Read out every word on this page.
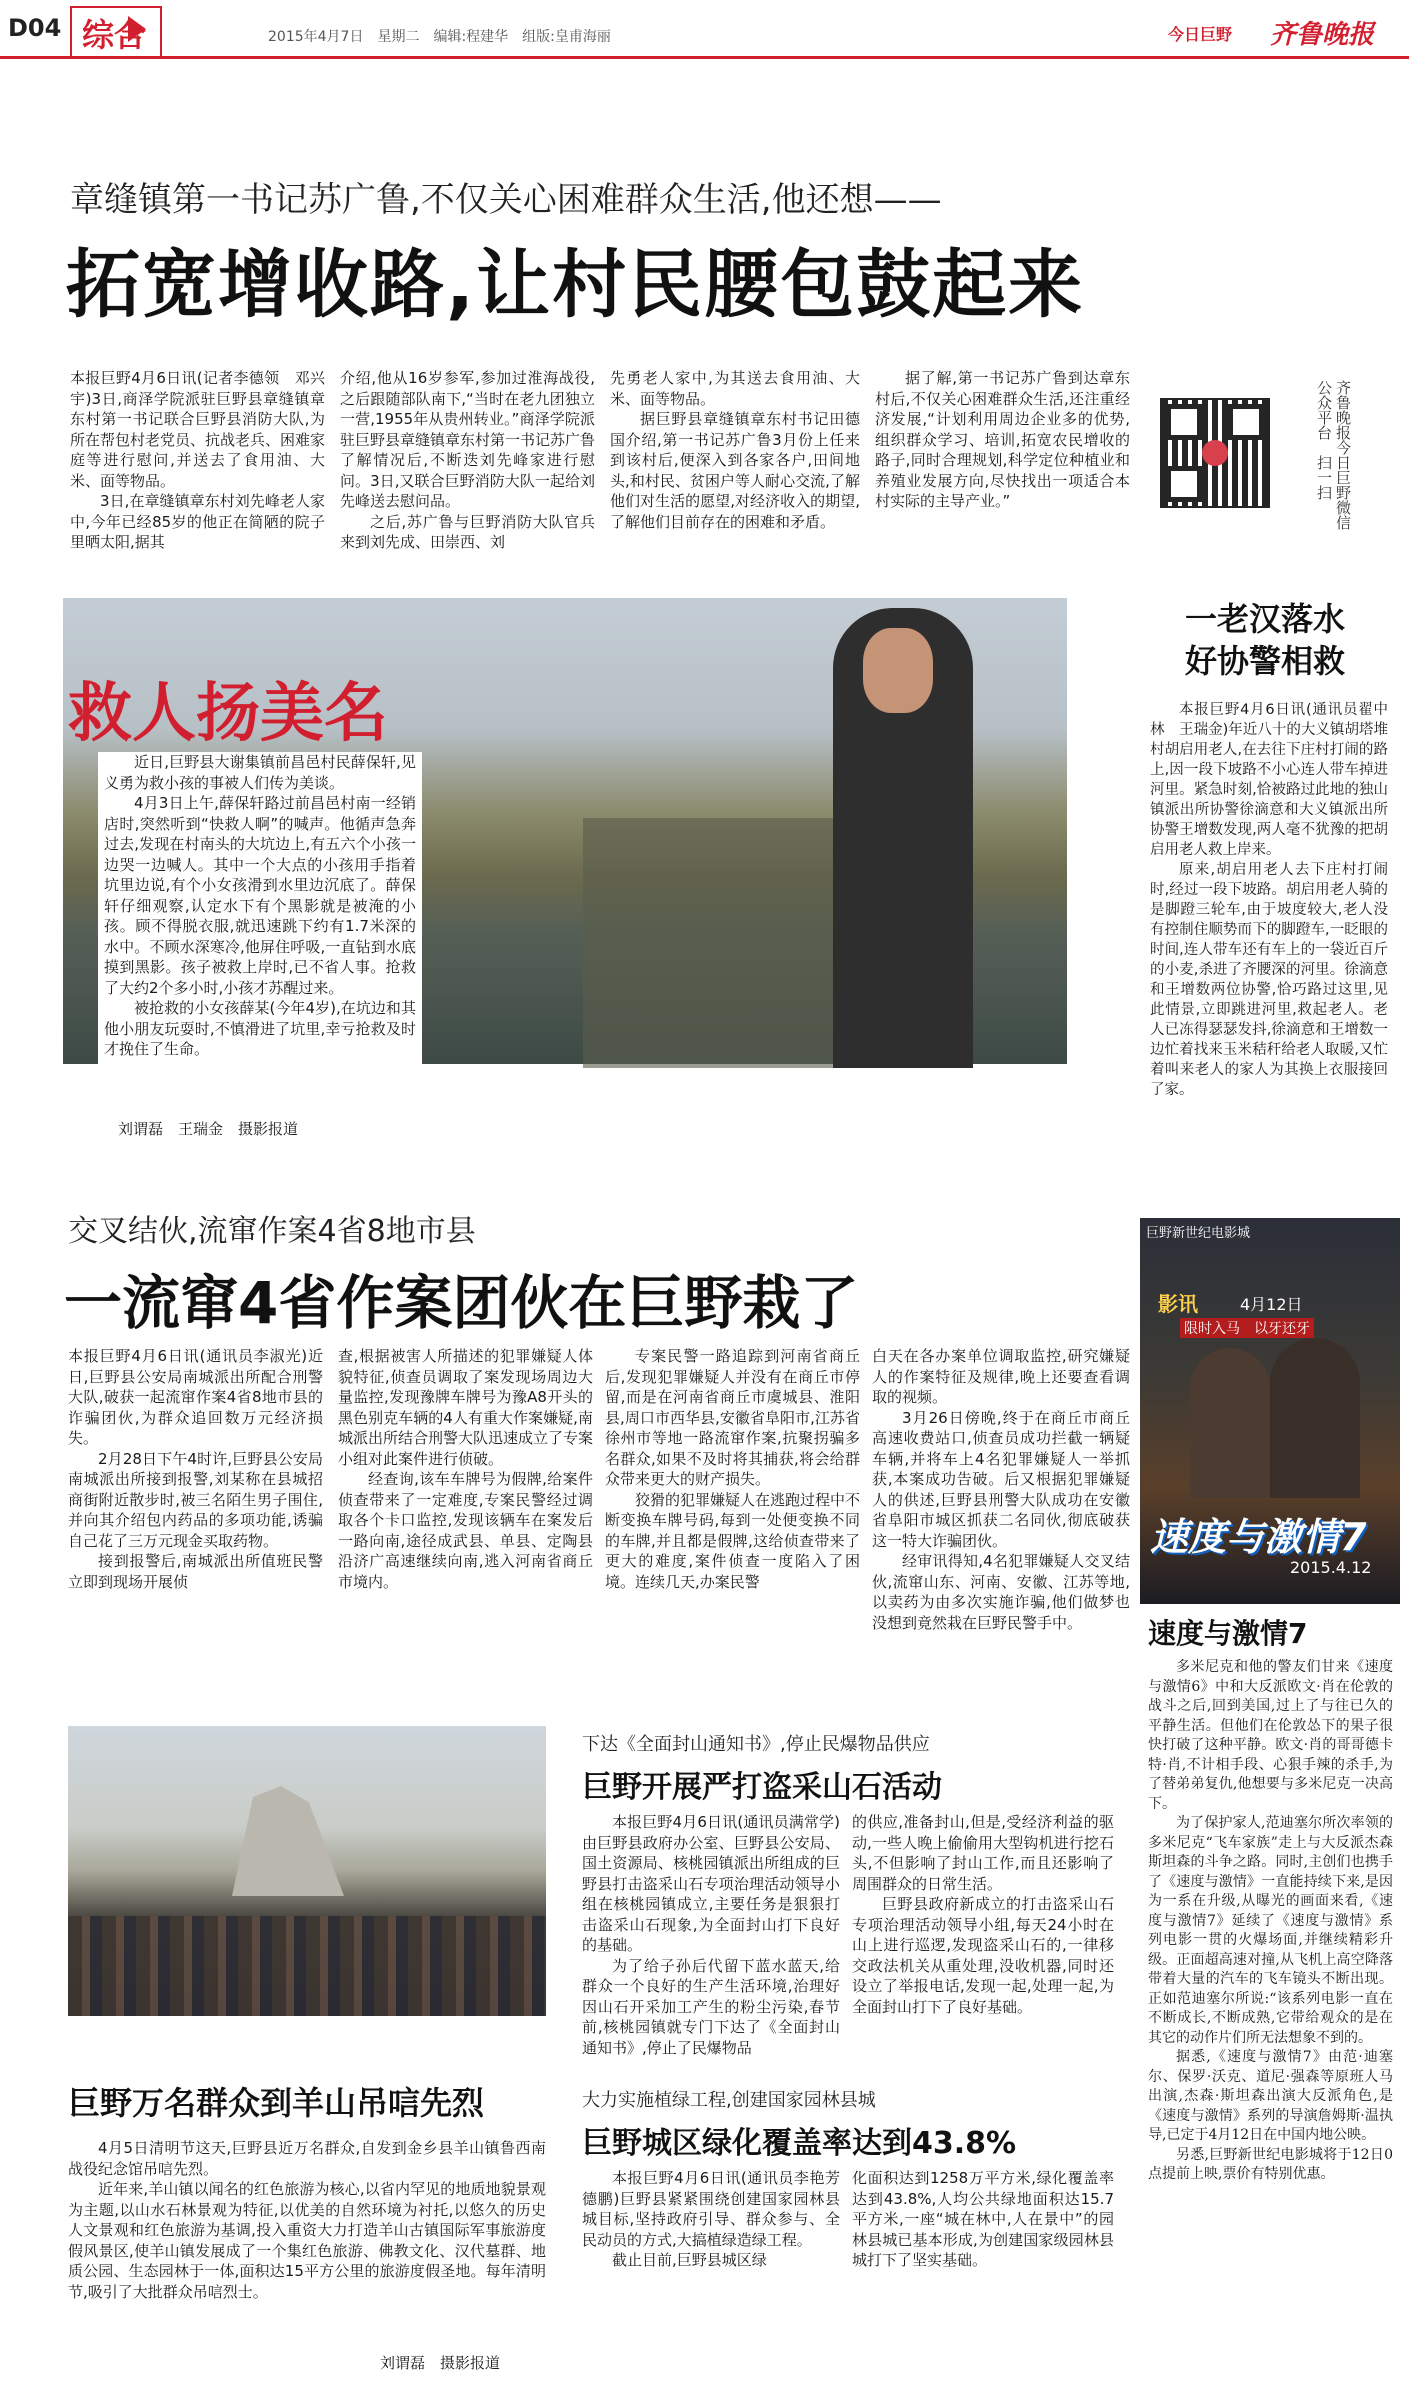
D04 综合	2015年4月7日　星期二　编辑:程建华　组版:皇甫海丽	今日巨野 齐鲁晚报
章缝镇第一书记苏广鲁,不仅关心困难群众生活,他还想——
拓宽增收路,让村民腰包鼓起来

本报巨野4月6日讯(记者李德领　邓兴宇)3日,商泽学院派驻巨野县章缝镇章东村第一书记联合巨野县消防大队,为所在帮包村老党员、抗战老兵、困难家庭等进行慰问,并送去了食用油、大米、面等物品。

3日,在章缝镇章东村刘先峰老人家中,今年已经85岁的他正在简陋的院子里晒太阳,据其

介绍,他从16岁参军,参加过淮海战役,之后跟随部队南下,“当时在老九团独立一营,1955年从贵州转业。”商泽学院派驻巨野县章缝镇章东村第一书记苏广鲁了解情况后,不断迭刘先峰家进行慰问。3日,又联合巨野消防大队一起给刘先峰送去慰问品。

之后,苏广鲁与巨野消防大队官兵来到刘先成、田崇西、刘

先勇老人家中,为其送去食用油、大米、面等物品。

据巨野县章缝镇章东村书记田德国介绍,第一书记苏广鲁3月份上任来到该村后,便深入到各家各户,田间地头,和村民、贫困户等人耐心交流,了解他们对生活的愿望,对经济收入的期望,了解他们目前存在的困难和矛盾。

据了解,第一书记苏广鲁到达章东村后,不仅关心困难群众生活,还注重经济发展,“计划利用周边企业多的优势,组织群众学习、培训,拓宽农民增收的路子,同时合理规划,科学定位种植业和养殖业发展方向,尽快找出一项适合本村实际的主导产业。”	齐鲁晚报今日巨野微信公众平台　扫一扫
救人扬美名

近日,巨野县大谢集镇前昌邑村民薛保轩,见义勇为救小孩的事被人们传为美谈。

4月3日上午,薛保轩路过前昌邑村南一经销店时,突然听到“快救人啊”的喊声。他循声急奔过去,发现在村南头的大坑边上,有五六个小孩一边哭一边喊人。其中一个大点的小孩用手指着坑里边说,有个小女孩滑到水里边沉底了。薛保轩仔细观察,认定水下有个黑影就是被淹的小孩。顾不得脱衣服,就迅速跳下约有1.7米深的水中。不顾水深寒冷,他屏住呼吸,一直钻到水底摸到黑影。孩子被救上岸时,已不省人事。抢救了大约2个多小时,小孩才苏醒过来。

被抢救的小女孩薛某(今年4岁),在坑边和其他小朋友玩耍时,不慎滑进了坑里,幸亏抢救及时才挽住了生命。

刘谓磊　王瑞金　摄影报道
一老汉落水
好协警相救

本报巨野4月6日讯(通讯员翟中林　王瑞金)年近八十的大义镇胡塔堆村胡启用老人,在去往下庄村打闹的路上,因一段下坡路不小心连人带车掉进河里。紧急时刻,恰被路过此地的独山镇派出所协警徐滴意和大义镇派出所协警王增数发现,两人毫不犹豫的把胡启用老人救上岸来。

原来,胡启用老人去下庄村打闹时,经过一段下坡路。胡启用老人骑的是脚蹬三轮车,由于坡度较大,老人没有控制住顺势而下的脚蹬车,一眨眼的时间,连人带车还有车上的一袋近百斤的小麦,杀进了齐腰深的河里。徐滴意和王增数两位协警,恰巧路过这里,见此情景,立即跳进河里,救起老人。老人已冻得瑟瑟发抖,徐滴意和王增数一边忙着找来玉米秸秆给老人取暖,又忙着叫来老人的家人为其换上衣服接回了家。

巨野新世纪电影城
影讯	4月12日
限时入马　以牙还牙
速度与激情7
2015.4.12
速度与激情7

多米尼克和他的警友们甘来《速度与激情6》中和大反派欧文·肖在伦敦的战斗之后,回到美国,过上了与往已久的平静生活。但他们在伦敦怂下的果子很快打破了这种平静。欧文·肖的哥哥德卡特·肖,不计相手段、心狠手辣的杀手,为了替弟弟复仇,他想要与多米尼克一决高下。

为了保护家人,范迪塞尔所次率领的多米尼克“飞车家族”走上与大反派杰森斯坦森的斗争之路。同时,主创们也携手了《速度与激情》一直能持续下来,是因为一系在升级,从曝光的画面来看,《速度与激情7》延续了《速度与激情》系列电影一贯的火爆场面,并继续精彩升级。正面超高速对撞,从飞机上高空降落带着大量的汽车的飞车镜头不断出现。正如范迪塞尔所说:“该系列电影一直在不断成长,不断成熟,它带给观众的是在其它的动作片们所无法想象不到的。

据悉,《速度与激情7》由范·迪塞尔、保罗·沃克、道尼·强森等原班人马出演,杰森·斯坦森出演大反派角色,是《速度与激情》系列的导演詹姆斯·温执导,已定于4月12日在中国内地公映。

另悉,巨野新世纪电影城将于12日0点提前上映,票价有特别优惠。

交叉结伙,流窜作案4省8地市县
一流窜4省作案团伙在巨野栽了

本报巨野4月6日讯(通讯员李淑光)近日,巨野县公安局南城派出所配合刑警大队,破获一起流窜作案4省8地市县的诈骗团伙,为群众追回数万元经济损失。

2月28日下午4时许,巨野县公安局南城派出所接到报警,刘某称在县城招商街附近散步时,被三名陌生男子围住,并向其介绍包内药品的多项功能,诱骗自己花了三万元现金买取药物。

接到报警后,南城派出所值班民警立即到现场开展侦

查,根据被害人所描述的犯罪嫌疑人体貌特征,侦查员调取了案发现场周边大量监控,发现豫牌车牌号为豫A8开头的黑色别克车辆的4人有重大作案嫌疑,南城派出所结合刑警大队迅速成立了专案小组对此案件进行侦破。

经查询,该车车牌号为假牌,给案件侦查带来了一定难度,专案民警经过调取各个卡口监控,发现该辆车在案发后一路向南,途径成武县、单县、定陶县沿济广高速继续向南,逃入河南省商丘市境内。

专案民警一路追踪到河南省商丘后,发现犯罪嫌疑人并没有在商丘市停留,而是在河南省商丘市虞城县、淮阳县,周口市西华县,安徽省阜阳市,江苏省徐州市等地一路流窜作案,抗聚拐骗多名群众,如果不及时将其捕获,将会给群众带来更大的财产损失。

狡猾的犯罪嫌疑人在逃跑过程中不断变换车牌号码,每到一处便变换不同的车牌,并且都是假牌,这给侦查带来了更大的难度,案件侦查一度陷入了困境。连续几天,办案民警

白天在各办案单位调取监控,研究嫌疑人的作案特征及规律,晚上还要查看调取的视频。

3月26日傍晚,终于在商丘市商丘高速收费站口,侦查员成功拦截一辆疑车辆,并将车上4名犯罪嫌疑人一举抓获,本案成功告破。后又根据犯罪嫌疑人的供述,巨野县刑警大队成功在安徽省阜阳市城区抓获二名同伙,彻底破获这一特大诈骗团伙。

经审讯得知,4名犯罪嫌疑人交叉结伙,流窜山东、河南、安徽、江苏等地,以卖药为由多次实施诈骗,他们做梦也没想到竟然栽在巨野民警手中。

巨野万名群众到羊山吊唁先烈

4月5日清明节这天,巨野县近万名群众,自发到金乡县羊山镇鲁西南战役纪念馆吊唁先烈。

近年来,羊山镇以闻名的红色旅游为核心,以省内罕见的地质地貌景观为主题,以山水石林景观为特征,以优美的自然环境为衬托,以悠久的历史人文景观和红色旅游为基调,投入重资大力打造羊山古镇国际军事旅游度假风景区,使羊山镇发展成了一个集红色旅游、佛教文化、汉代墓群、地质公园、生态园林于一体,面积达15平方公里的旅游度假圣地。每年清明节,吸引了大批群众吊唁烈士。

刘谓磊　摄影报道
下达《全面封山通知书》,停止民爆物品供应
巨野开展严打盗采山石活动

本报巨野4月6日讯(通讯员满常学)由巨野县政府办公室、巨野县公安局、国土资源局、核桃园镇派出所组成的巨野县打击盗采山石专项治理活动领导小组在核桃园镇成立,主要任务是狠狠打击盗采山石现象,为全面封山打下良好的基础。

为了给子孙后代留下蓝水蓝天,给群众一个良好的生产生活环境,治理好因山石开采加工产生的粉尘污染,春节前,核桃园镇就专门下达了《全面封山通知书》,停止了民爆物品

的供应,准备封山,但是,受经济利益的驱动,一些人晚上偷偷用大型钩机进行挖石头,不但影响了封山工作,而且还影响了周围群众的日常生活。

巨野县政府新成立的打击盗采山石专项治理活动领导小组,每天24小时在山上进行巡逻,发现盗采山石的,一律移交政法机关从重处理,没收机器,同时还设立了举报电话,发现一起,处理一起,为全面封山打下了良好基础。

大力实施植绿工程,创建国家园林县城
巨野城区绿化覆盖率达到43.8%

本报巨野4月6日讯(通讯员李艳芳　德鹏)巨野县紧紧围绕创建国家园林县城目标,坚持政府引导、群众参与、全民动员的方式,大搞植绿造绿工程。

截止目前,巨野县城区绿

化面积达到1258万平方米,绿化覆盖率达到43.8%,人均公共绿地面积达15.7平方米,一座“城在林中,人在景中”的园林县城已基本形成,为创建国家级园林县城打下了坚实基础。
